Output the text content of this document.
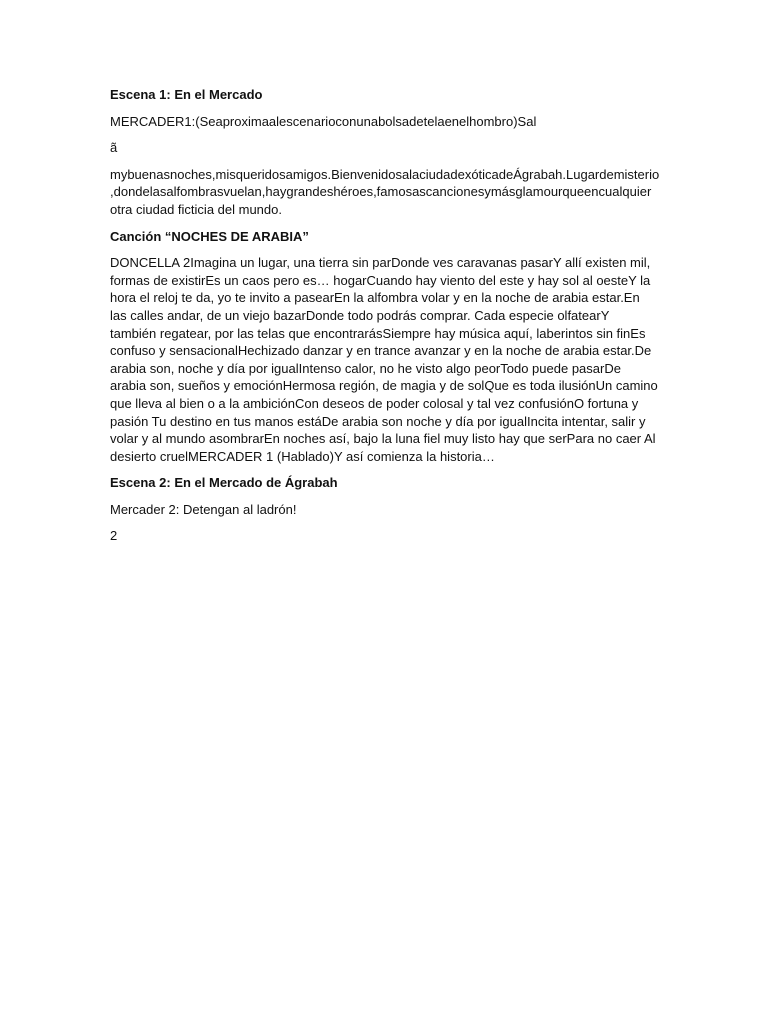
Escena 1: En el Mercado

MERCADER1:(Seaproximaalescenarioconunabolsadetelaenelhombro)Sal

ã

mybuenasnoches,misqueridosamigos.BienvenidosalaciudadexóticadeÁgrabah.Lugardemisterio ,dondelasalfombrasvuelan,haygrandeshéroes,famosascancionesymásglamourqueencualquier otra ciudad ficticia del mundo.

Canción “NOCHES DE ARABIA”

DONCELLA 2Imagina un lugar, una tierra sin parDonde ves caravanas pasarY allí existen mil, formas de existirEs un caos pero es… hogarCuando hay viento del este y hay sol al oesteY la hora el reloj te da, yo te invito a pasearEn la alfombra volar y en la noche de arabia estar.En las calles andar, de un viejo bazarDonde todo podrás comprar. Cada especie olfatearY también regatear, por las telas que encontrarásSiempre hay música aquí, laberintos sin finEs confuso y sensacionalHechizado danzar y en trance avanzar y en la noche de arabia estar.De arabia son, noche y día por igualIntenso calor, no he visto algo peorTodo puede pasarDe arabia son, sueños y emociónHermosa región, de magia y de solQue es toda ilusiónUn camino que lleva al bien o a la ambiciónCon deseos de poder colosal y tal vez confusiónO fortuna y pasión Tu destino en tus manos estáDe arabia son noche y día por igualIncita intentar, salir y volar y al mundo asombrarEn noches así, bajo la luna fiel muy listo hay que serPara no caer Al desierto cruelMERCADER 1 (Hablado)Y así comienza la historia…

Escena 2: En el Mercado de Ágrabah

Mercader 2: Detengan al ladrón!

2
